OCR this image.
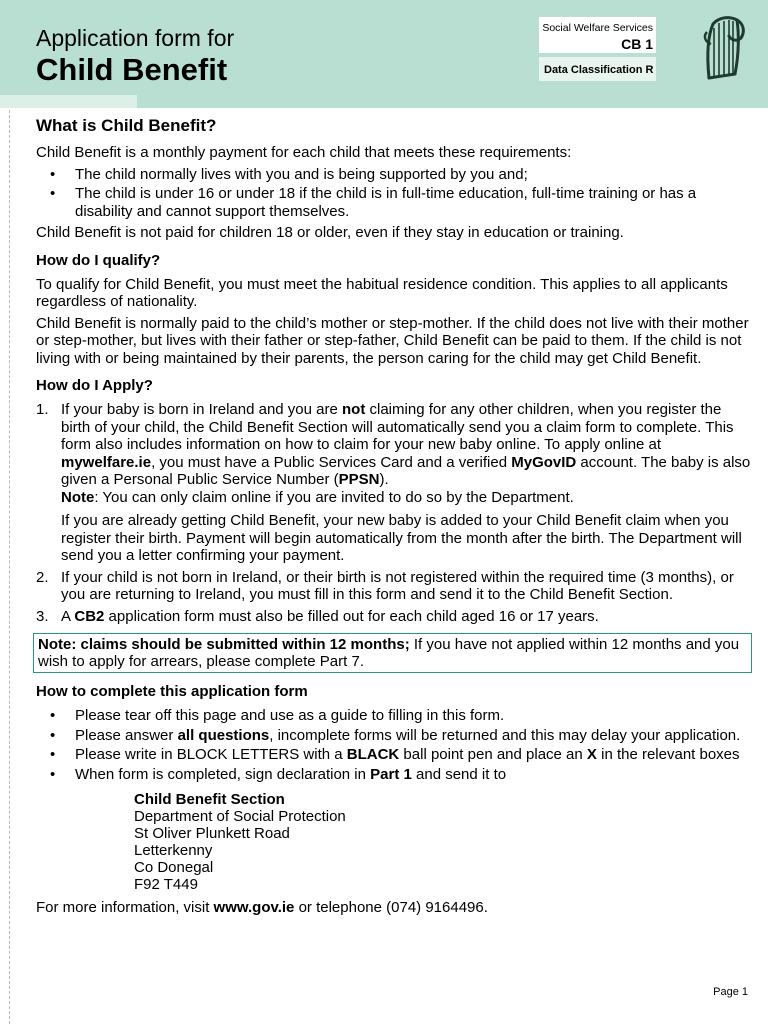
Application form for
Child Benefit
Social Welfare Services
CB 1
Data Classification R
What is Child Benefit?

Child Benefit is a monthly payment for each child that meets these requirements:

• The child normally lives with you and is being supported by you and;
• The child is under 16 or under 18 if the child is in full-time education, full-time training or has a disability and cannot support themselves.

Child Benefit is not paid for children 18 or older, even if they stay in education or training.

How do I qualify?

To qualify for Child Benefit, you must meet the habitual residence condition. This applies to all applicants regardless of nationality.

Child Benefit is normally paid to the child’s mother or step-mother. If the child does not live with their mother or step-mother, but lives with their father or step-father, Child Benefit can be paid to them. If the child is not living with or being maintained by their parents, the person caring for the child may get Child Benefit.

How do I Apply?
1. If your baby is born in Ireland and you are not claiming for any other children, when you register the birth of your child, the Child Benefit Section will automatically send you a claim form to complete. This form also includes information on how to claim for your new baby online. To apply online at mywelfare.ie, you must have a Public Services Card and a verified MyGovID account. The baby is also given a Personal Public Service Number (PPSN).
Note: You can only claim online if you are invited to do so by the Department.
If you are already getting Child Benefit, your new baby is added to your Child Benefit claim when you register their birth. Payment will begin automatically from the month after the birth. The Department will send you a letter confirming your payment.
2. If your child is not born in Ireland, or their birth is not registered within the required time (3 months), or you are returning to Ireland, you must fill in this form and send it to the Child Benefit Section.
3. A CB2 application form must also be filled out for each child aged 16 or 17 years.
Note: claims should be submitted within 12 months; If you have not applied within 12 months and you wish to apply for arrears, please complete Part 7.
How to complete this application form
• Please tear off this page and use as a guide to filling in this form.
• Please answer all questions, incomplete forms will be returned and this may delay your application.
• Please write in BLOCK LETTERS with a BLACK ball point pen and place an X in the relevant boxes
• When form is completed, sign declaration in Part 1 and send it to
Child Benefit Section
Department of Social Protection
St Oliver Plunkett Road
Letterkenny
Co Donegal
F92 T449
For more information, visit www.gov.ie or telephone (074) 9164496.
Page 1
